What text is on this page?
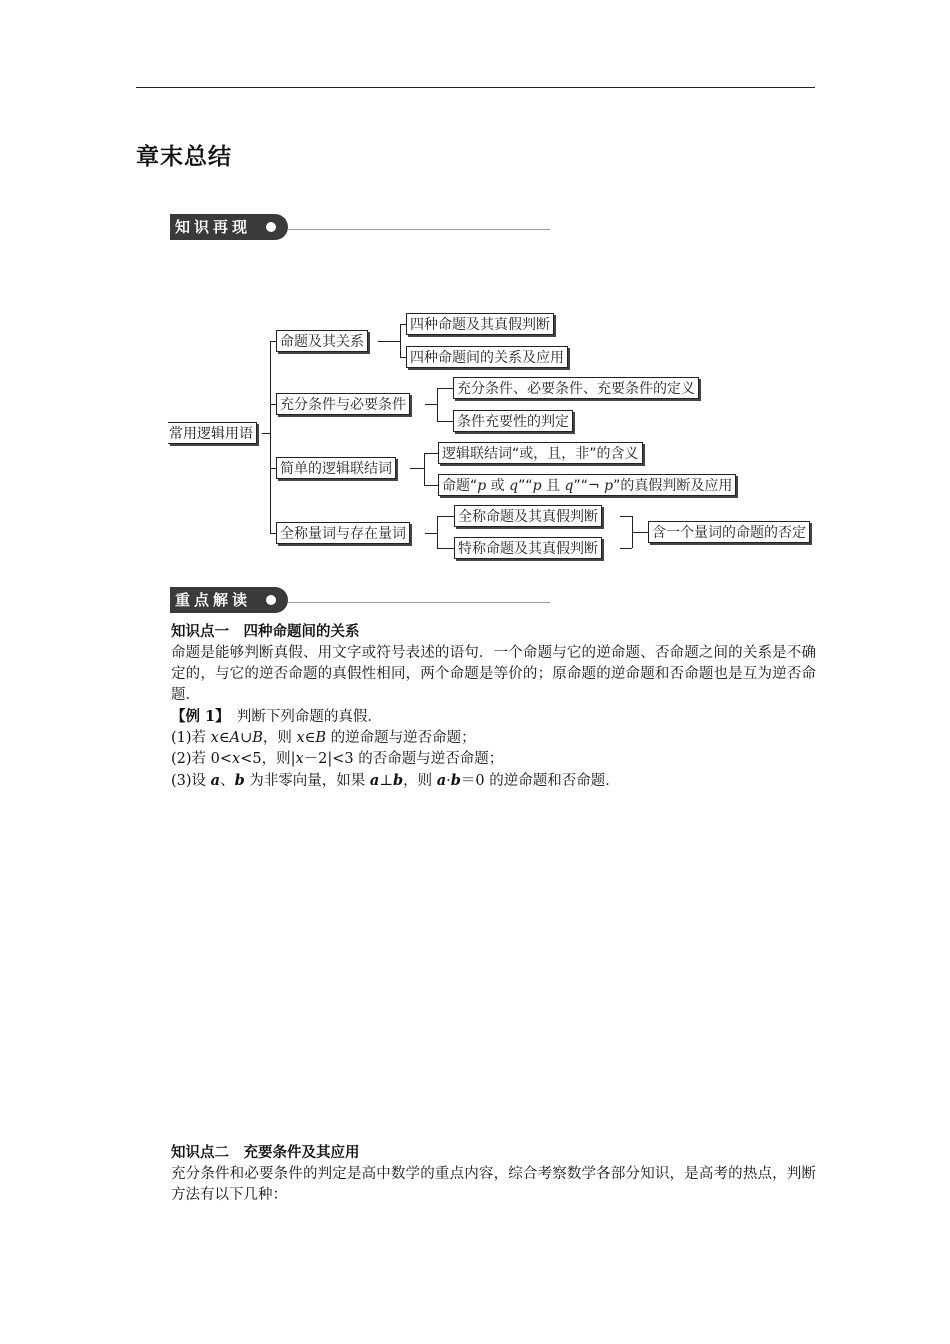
章末总结
知识再现
常用逻辑用语
命题及其关系
四种命题及其真假判断
四种命题间的关系及应用
充分条件与必要条件
充分条件、必要条件、充要条件的定义
条件充要性的判定
简单的逻辑联结词
逻辑联结词“或，且，非”的含义
命题“p 或 q”“p 且 q”“¬ p”的真假判断及应用
全称量词与存在量词
全称命题及其真假判断
特称命题及其真假判断
含一个量词的命题的否定
重点解读
知识点一　四种命题间的关系
命题是能够判断真假、用文字或符号表述的语句．一个命题与它的逆命题、否命题之间的关系是不确定的，与它的逆否命题的真假性相同，两个命题是等价的；原命题的逆命题和否命题也是互为逆否命题．
【例 1】　判断下列命题的真假．
(1)若 x∈A∪B，则 x∈B 的逆命题与逆否命题；
(2)若 0<x<5，则|x－2|<3 的否命题与逆否命题；
(3)设 a、b 为非零向量，如果 a⊥b，则 a·b＝0 的逆命题和否命题．
知识点二　充要条件及其应用
充分条件和必要条件的判定是高中数学的重点内容，综合考察数学各部分知识，是高考的热点，判断方法有以下几种：
